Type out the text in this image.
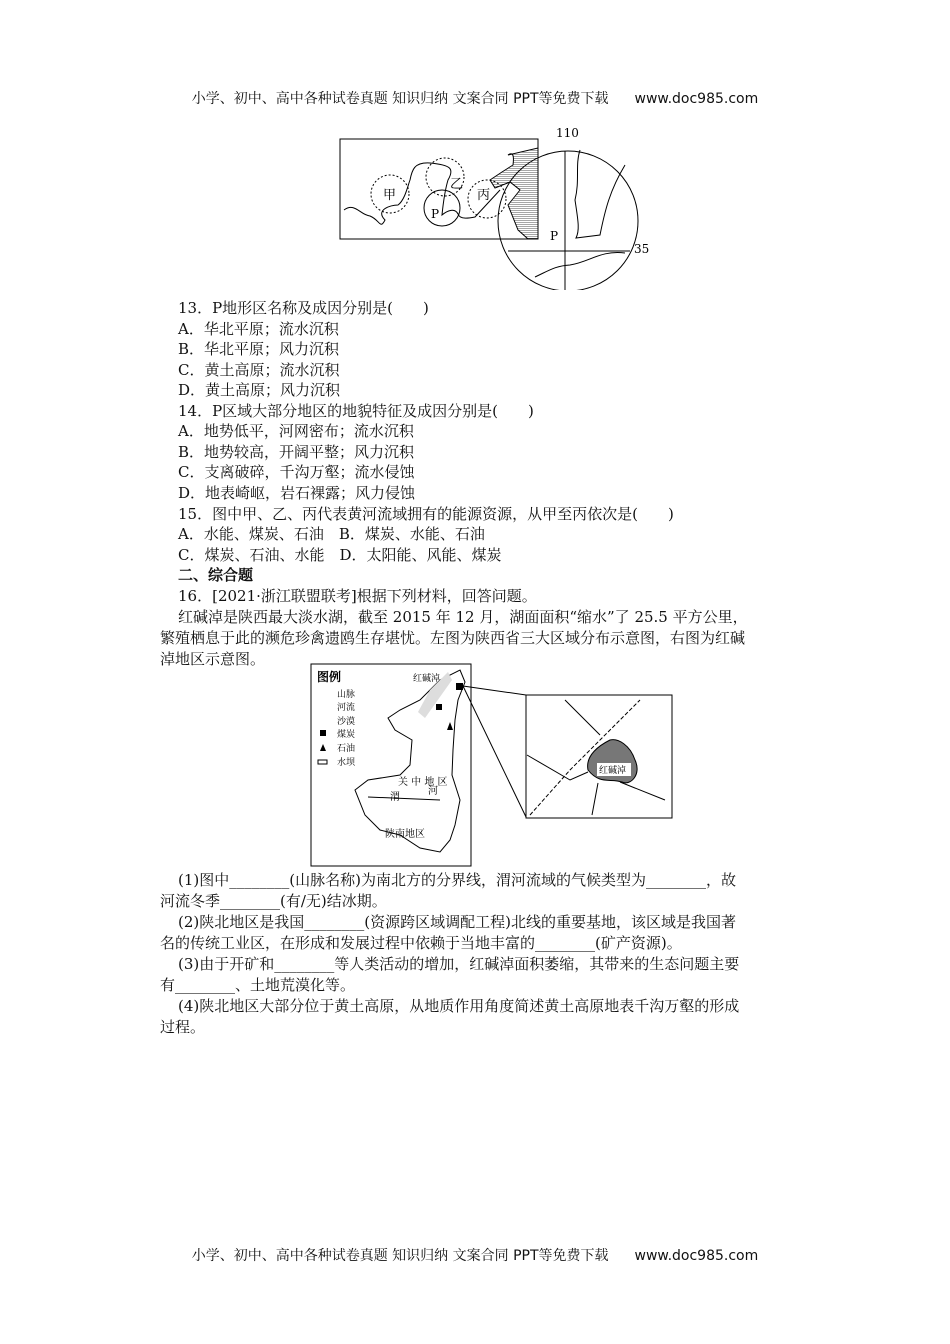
小学、初中、高中各种试卷真题 知识归纳 文案合同 PPT等免费下载 www.doc985.com
甲
乙
丙
P
P
110
35
13．P地形区名称及成因分别是(　　)
A．华北平原；流水沉积
B．华北平原；风力沉积
C．黄土高原；流水沉积
D．黄土高原；风力沉积
14．P区域大部分地区的地貌特征及成因分别是(　　)
A．地势低平，河网密布；流水沉积
B．地势较高，开阔平整；风力沉积
C．支离破碎，千沟万壑；流水侵蚀
D．地表崎岖，岩石裸露；风力侵蚀
15．图中甲、乙、丙代表黄河流域拥有的能源资源，从甲至丙依次是(　　)
A．水能、煤炭、石油　B．煤炭、水能、石油
C．煤炭、石油、水能　D．太阳能、风能、煤炭
二、综合题
16．[2021·浙江联盟联考]根据下列材料，回答问题。
红碱淖是陕西最大淡水湖，截至 2015 年 12 月，湖面面积“缩水”了 25.5 平方公里，
繁殖栖息于此的濒危珍禽遗鸥生存堪忧。左图为陕西省三大区域分布示意图，右图为红碱
淖地区示意图。
图例
山脉
河流
沙漠
煤炭
石油
水坝
红碱淖
关 中 地 区
渭
河
陕南地区
红碱淖
(1)图中________(山脉名称)为南北方的分界线，渭河流域的气候类型为________，故
河流冬季________(有/无)结冰期。
(2)陕北地区是我国________(资源跨区域调配工程)北线的重要基地，该区域是我国著
名的传统工业区，在形成和发展过程中依赖于当地丰富的________(矿产资源)。
(3)由于开矿和________等人类活动的增加，红碱淖面积萎缩，其带来的生态问题主要
有________、土地荒漠化等。
(4)陕北地区大部分位于黄土高原，从地质作用角度简述黄土高原地表千沟万壑的形成
过程。
小学、初中、高中各种试卷真题 知识归纳 文案合同 PPT等免费下载 www.doc985.com
